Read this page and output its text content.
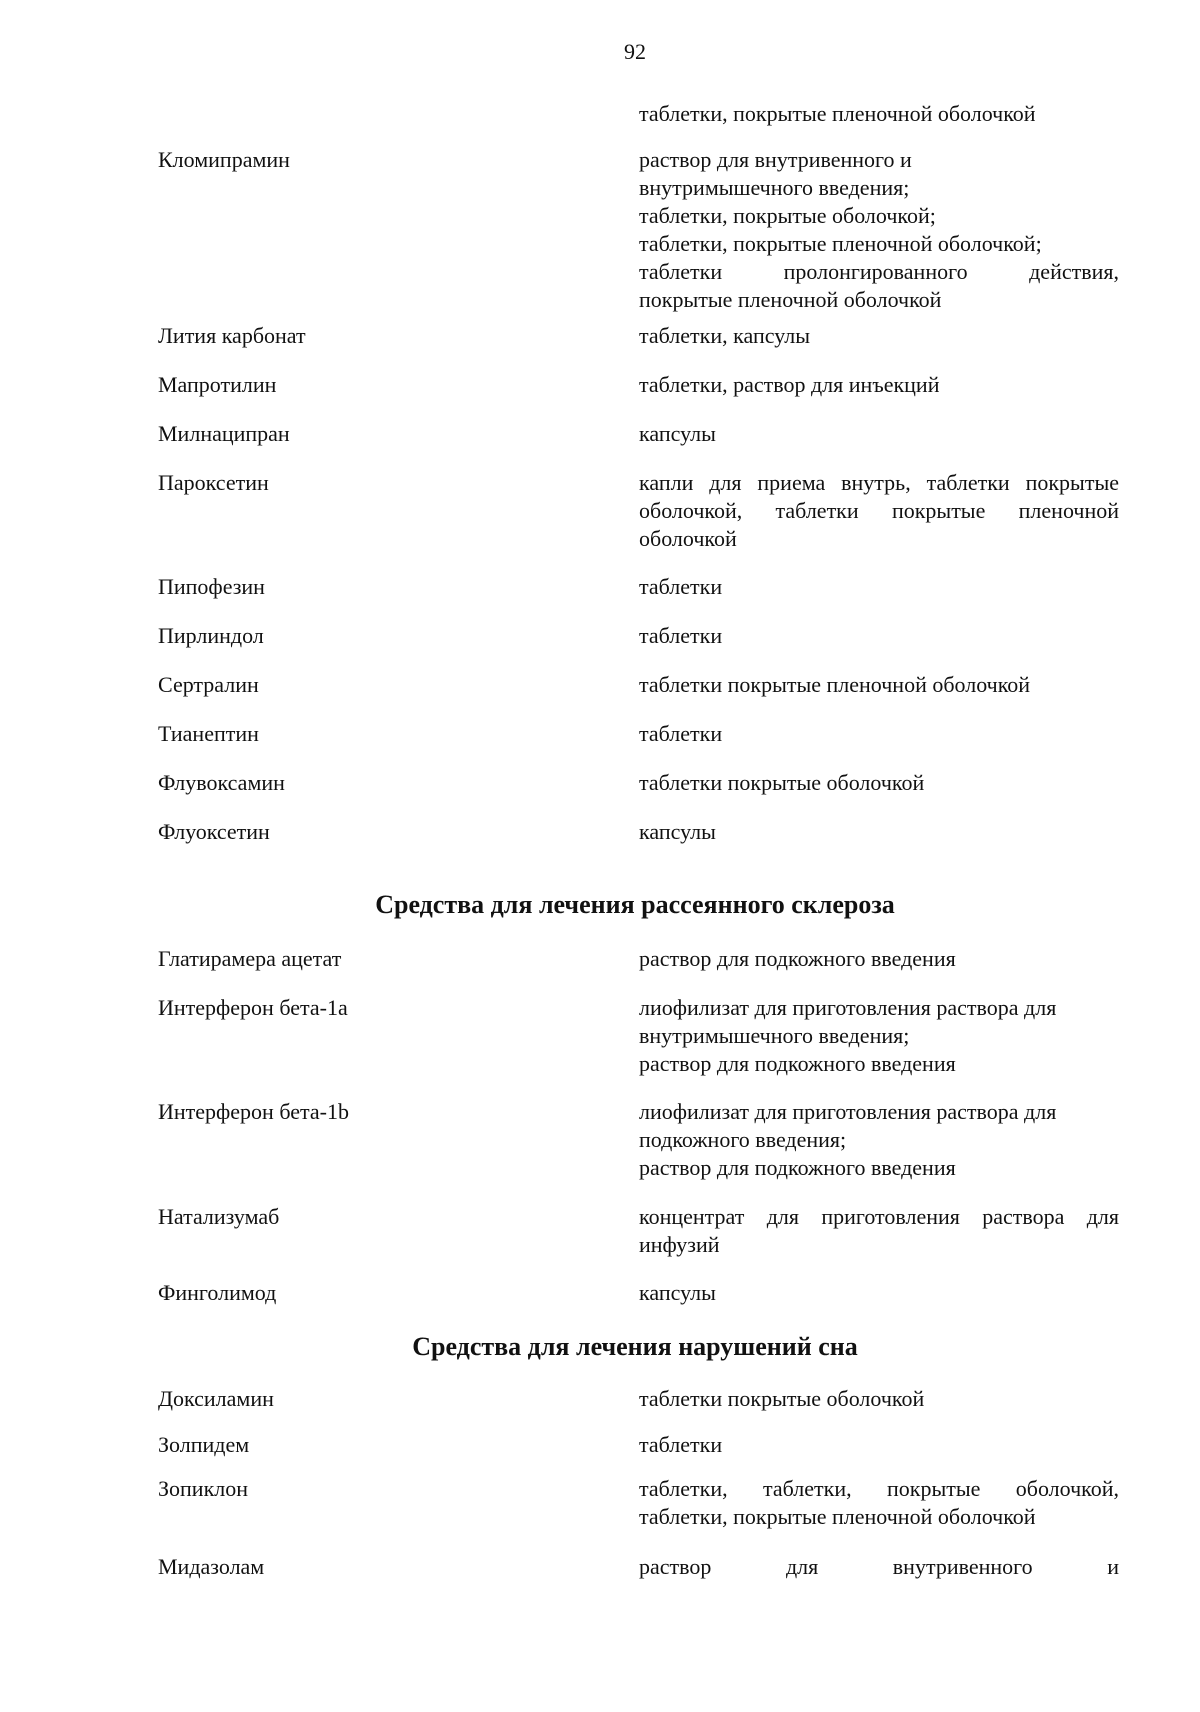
92
таблетки, покрытые пленочной оболочкой
Кломипрамин	раствор для внутривенного и
внутримышечного введения;
таблетки, покрытые оболочкой;
таблетки, покрытые пленочной оболочкой;
таблетки пролонгированного действия,
покрытые пленочной оболочкой
Лития карбонат	таблетки, капсулы
Мапротилин	таблетки, раствор для инъекций
Милнаципран	капсулы
Пароксетин	капли для приема внутрь, таблетки покрытые
оболочкой, таблетки покрытые пленочной
оболочкой
Пипофезин	таблетки
Пирлиндол	таблетки
Сертралин	таблетки покрытые пленочной оболочкой
Тианептин	таблетки
Флувоксамин	таблетки покрытые оболочкой
Флуоксетин	капсулы
Средства для лечения рассеянного склероза
Глатирамера ацетат	раствор для подкожного введения
Интерферон бета-1а	лиофилизат для приготовления раствора для
внутримышечного введения;
раствор для подкожного введения
Интерферон бета-1b	лиофилизат для приготовления раствора для
подкожного введения;
раствор для подкожного введения
Натализумаб	концентрат для приготовления раствора для
инфузий
Финголимод	капсулы
Средства для лечения нарушений сна
Доксиламин	таблетки покрытые оболочкой
Золпидем	таблетки
Зопиклон	таблетки, таблетки, покрытые оболочкой,
таблетки, покрытые пленочной оболочкой
Мидазолам	раствор для внутривенного и
